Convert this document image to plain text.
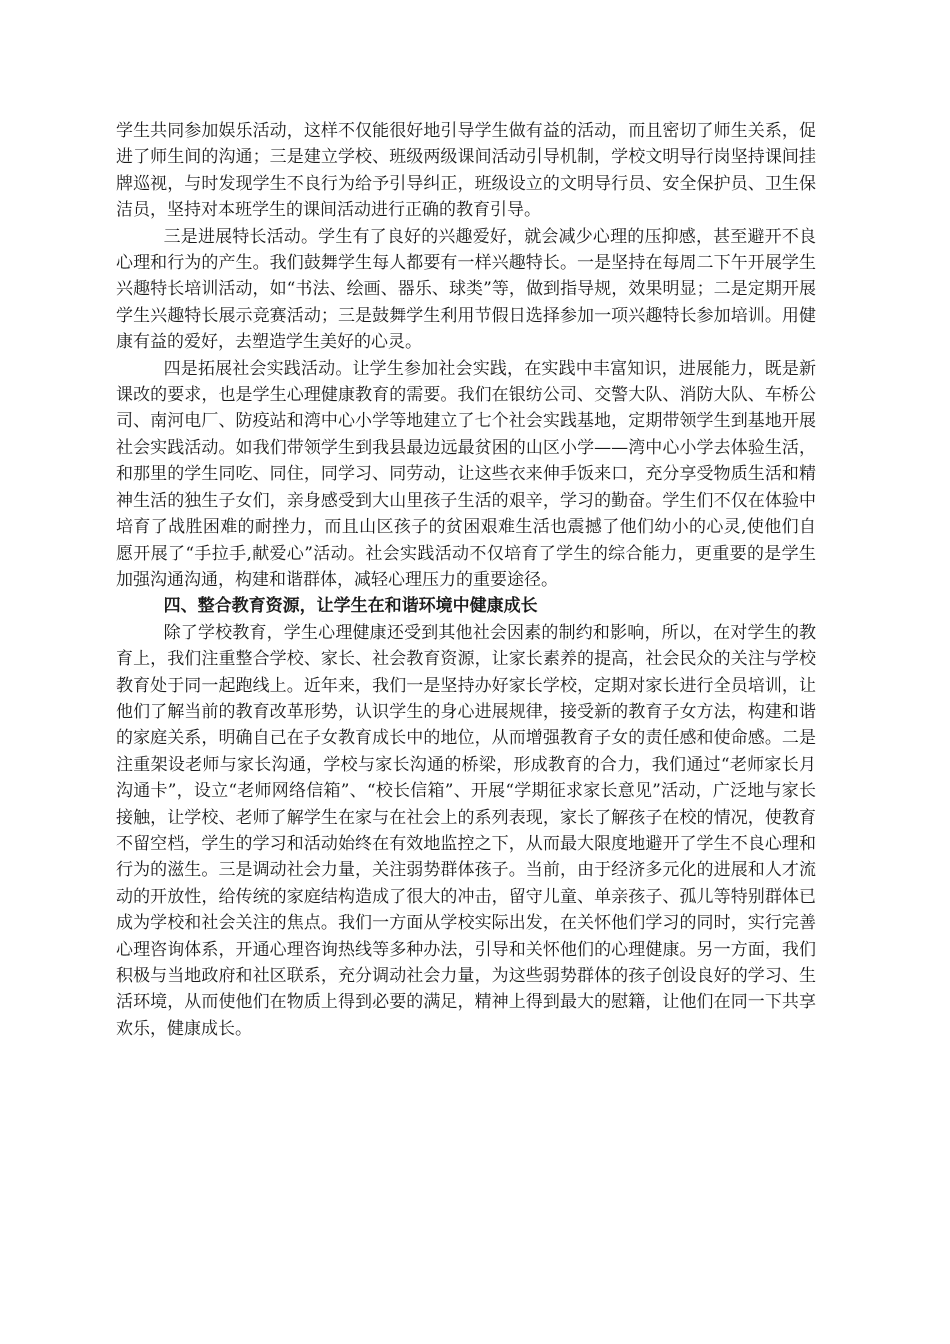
学生共同参加娱乐活动，这样不仅能很好地引导学生做有益的活动，而且密切了师生关系，促进了师生间的沟通；三是建立学校、班级两级课间活动引导机制，学校文明导行岗坚持课间挂牌巡视，与时发现学生不良行为给予引导纠正，班级设立的文明导行员、安全保护员、卫生保洁员，坚持对本班学生的课间活动进行正确的教育引导。

三是进展特长活动。学生有了良好的兴趣爱好，就会减少心理的压抑感，甚至避开不良心理和行为的产生。我们鼓舞学生每人都要有一样兴趣特长。一是坚持在每周二下午开展学生兴趣特长培训活动，如“书法、绘画、器乐、球类”等，做到指导规，效果明显；二是定期开展学生兴趣特长展示竞赛活动；三是鼓舞学生利用节假日选择参加一项兴趣特长参加培训。用健康有益的爱好，去塑造学生美好的心灵。

四是拓展社会实践活动。让学生参加社会实践，在实践中丰富知识，进展能力，既是新课改的要求，也是学生心理健康教育的需要。我们在银纺公司、交警大队、消防大队、车桥公司、南河电厂、防疫站和湾中心小学等地建立了七个社会实践基地，定期带领学生到基地开展社会实践活动。如我们带领学生到我县最边远最贫困的山区小学——湾中心小学去体验生活，和那里的学生同吃、同住，同学习、同劳动，让这些衣来伸手饭来口，充分享受物质生活和精神生活的独生子女们，亲身感受到大山里孩子生活的艰辛，学习的勤奋。学生们不仅在体验中培育了战胜困难的耐挫力，而且山区孩子的贫困艰难生活也震撼了他们幼小的心灵,使他们自愿开展了“手拉手,献爱心”活动。社会实践活动不仅培育了学生的综合能力，更重要的是学生加强沟通沟通，构建和谐群体，减轻心理压力的重要途径。

四、整合教育资源，让学生在和谐环境中健康成长

除了学校教育，学生心理健康还受到其他社会因素的制约和影响，所以，在对学生的教育上，我们注重整合学校、家长、社会教育资源，让家长素养的提高，社会民众的关注与学校教育处于同一起跑线上。近年来，我们一是坚持办好家长学校，定期对家长进行全员培训，让他们了解当前的教育改革形势，认识学生的身心进展规律，接受新的教育子女方法，构建和谐的家庭关系，明确自己在子女教育成长中的地位，从而增强教育子女的责任感和使命感。二是注重架设老师与家长沟通，学校与家长沟通的桥梁，形成教育的合力，我们通过“老师家长月沟通卡”，设立“老师网络信箱”、“校长信箱”、开展“学期征求家长意见”活动，广泛地与家长接触，让学校、老师了解学生在家与在社会上的系列表现，家长了解孩子在校的情况，使教育不留空档，学生的学习和活动始终在有效地监控之下，从而最大限度地避开了学生不良心理和行为的滋生。三是调动社会力量，关注弱势群体孩子。当前，由于经济多元化的进展和人才流动的开放性，给传统的家庭结构造成了很大的冲击，留守儿童、单亲孩子、孤儿等特别群体已成为学校和社会关注的焦点。我们一方面从学校实际出发，在关怀他们学习的同时，实行完善心理咨询体系，开通心理咨询热线等多种办法，引导和关怀他们的心理健康。另一方面，我们积极与当地政府和社区联系，充分调动社会力量，为这些弱势群体的孩子创设良好的学习、生活环境，从而使他们在物质上得到必要的满足，精神上得到最大的慰籍，让他们在同一下共享欢乐，健康成长。
